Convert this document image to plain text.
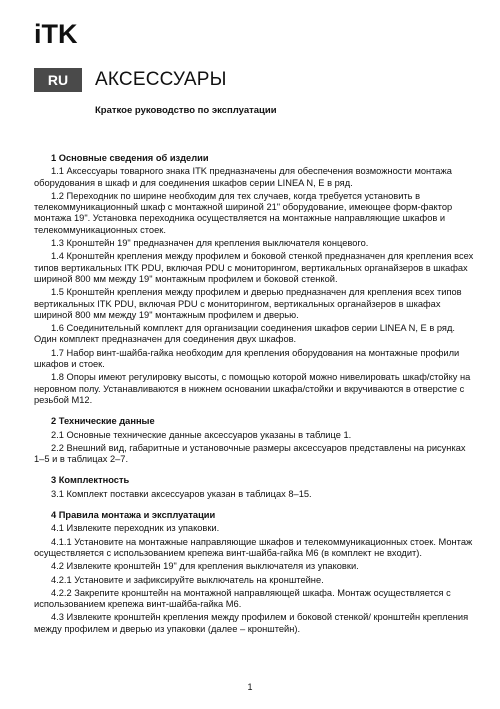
iTK
RU	АКСЕССУАРЫ
Краткое руководство по эксплуатации
1 Основные сведения об изделии

1.1 Аксессуары товарного знака ITK предназначены для обеспечения возможности монтажа оборудования в шкаф и для соединения шкафов серии LINEA N, E в ряд.

1.2 Переходник по ширине необходим для тех случаев, когда требуется установить в телекоммуникационный шкаф с монтажной шириной 21" оборудование, имеющее форм-фактор монтажа 19". Установка переходника осуществляется на монтажные направляющие шкафов и телекоммуникационных стоек.

1.3 Кронштейн 19" предназначен для крепления выключателя концевого.

1.4 Кронштейн крепления между профилем и боковой стенкой предназначен для крепления всех типов вертикальных ITK PDU, включая PDU с мониторингом, вертикальных органайзеров в шкафах шириной 800 мм между 19" монтажным профилем и боковой стенкой.

1.5 Кронштейн крепления между профилем и дверью предназначен для крепления всех типов вертикальных ITK PDU, включая PDU с мониторингом, вертикальных органайзеров в шкафах шириной 800 мм между 19" монтажным профилем и дверью.

1.6 Соединительный комплект для организации соединения шкафов серии LINEA N, E в ряд. Один комплект предназначен для соединения двух шкафов.

1.7 Набор винт-шайба-гайка необходим для крепления оборудования на монтажные профили шкафов и стоек.

1.8 Опоры имеют регулировку высоты, с помощью которой можно нивелировать шкаф/стойку на неровном полу. Устанавливаются в нижнем основании шкафа/стойки и вкручиваются в отверстие с резьбой М12.

2 Технические данные

2.1 Основные технические данные аксессуаров указаны в таблице 1.

2.2 Внешний вид, габаритные и установочные размеры аксессуаров представлены на рисунках 1–5 и в таблицах 2–7.

3 Комплектность

3.1 Комплект поставки аксессуаров указан в таблицах 8–15.

4 Правила монтажа и эксплуатации

4.1 Извлеките переходник из упаковки.

4.1.1 Установите на монтажные направляющие шкафов и телекоммуникационных стоек. Монтаж осуществляется с использованием крепежа винт-шайба-гайка М6 (в комплект не входит).

4.2 Извлеките кронштейн 19" для крепления выключателя из упаковки.

4.2.1 Установите и зафиксируйте выключатель на кронштейне.

4.2.2 Закрепите кронштейн на монтажной направляющей шкафа. Монтаж осуществляется с использованием крепежа винт-шайба-гайка М6.

4.3 Извлеките кронштейн крепления между профилем и боковой стенкой/ кронштейн крепления между профилем и дверью из упаковки (далее – кронштейн).

1
